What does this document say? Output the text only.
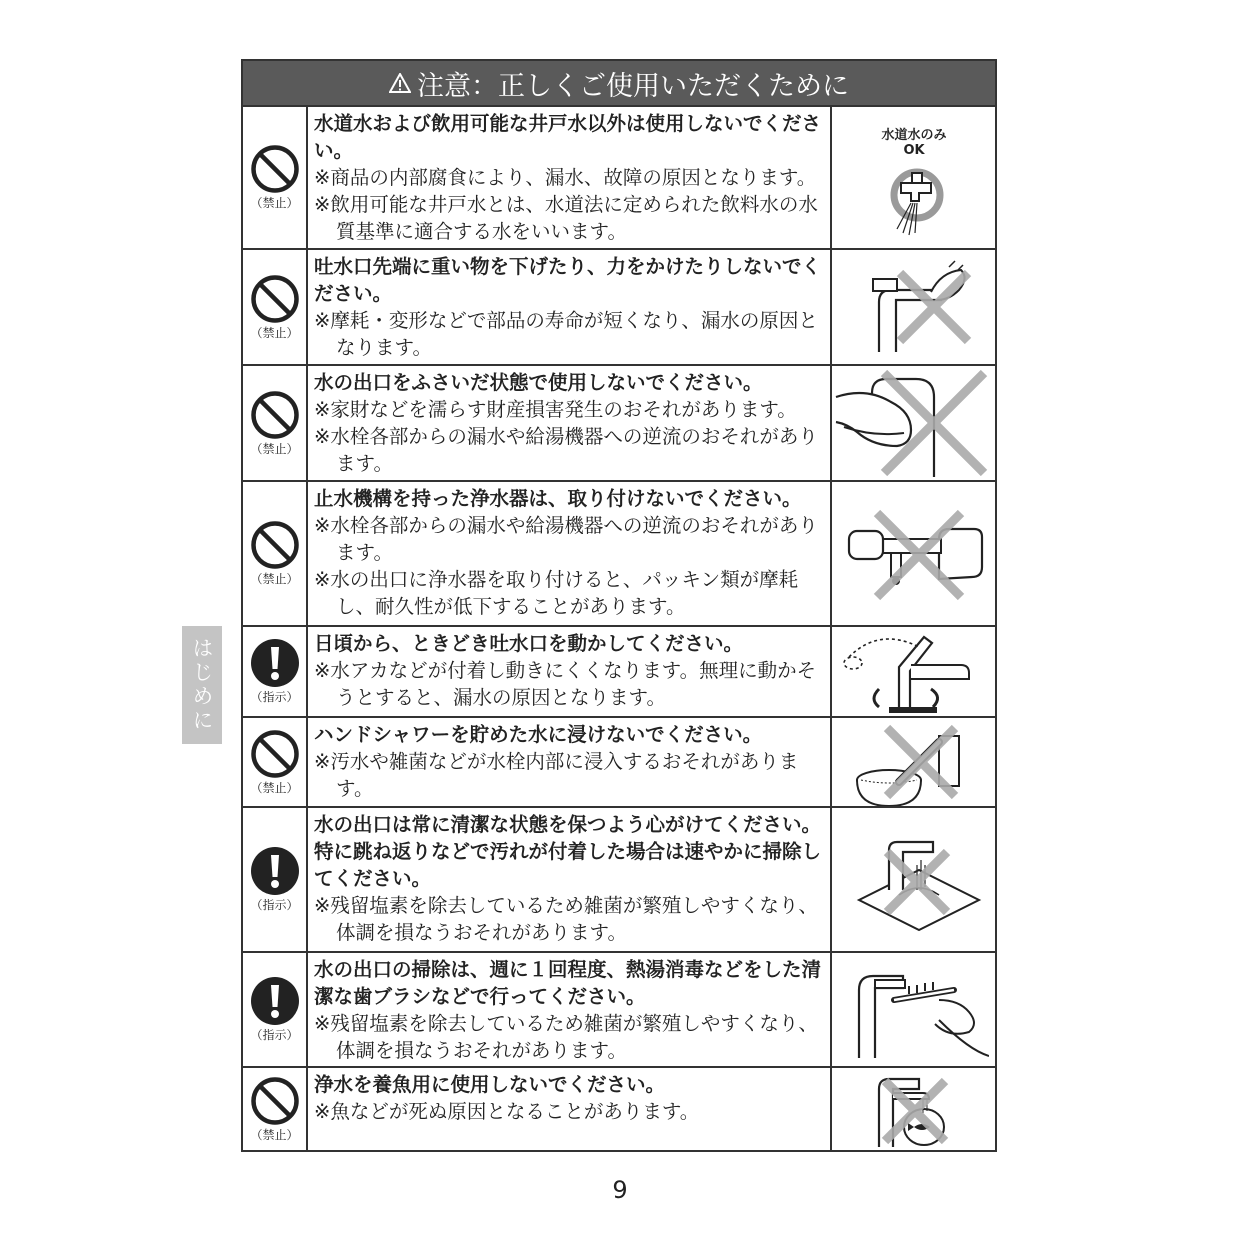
はじめに
注意：正しくご使用いただくために
（禁止）
水道水および飲用可能な井戸水以外は使用しないでください。
※商品の内部腐食により、漏水、故障の原因となります。
※飲用可能な井戸水とは、水道法に定められた飲料水の水質基準に適合する水をいいます。
水道水のみ
OK
（禁止）
吐水口先端に重い物を下げたり、力をかけたりしないでください。
※摩耗・変形などで部品の寿命が短くなり、漏水の原因となります。
（禁止）
水の出口をふさいだ状態で使用しないでください。
※家財などを濡らす財産損害発生のおそれがあります。
※水栓各部からの漏水や給湯機器への逆流のおそれがあります。
（禁止）
止水機構を持った浄水器は、取り付けないでください。
※水栓各部からの漏水や給湯機器への逆流のおそれがあります。
※水の出口に浄水器を取り付けると、パッキン類が摩耗し、耐久性が低下することがあります。
（指示）
日頃から、ときどき吐水口を動かしてください。
※水アカなどが付着し動きにくくなります。無理に動かそうとすると、漏水の原因となります。
（禁止）
ハンドシャワーを貯めた水に浸けないでください。
※汚水や雑菌などが水栓内部に浸入するおそれがあります。
（指示）
水の出口は常に清潔な状態を保つよう心がけてください。特に跳ね返りなどで汚れが付着した場合は速やかに掃除してください。
※残留塩素を除去しているため雑菌が繁殖しやすくなり、体調を損なうおそれがあります。
（指示）
水の出口の掃除は、週に１回程度、熱湯消毒などをした清潔な歯ブラシなどで行ってください。
※残留塩素を除去しているため雑菌が繁殖しやすくなり、体調を損なうおそれがあります。
（禁止）
浄水を養魚用に使用しないでください。
※魚などが死ぬ原因となることがあります。
9
